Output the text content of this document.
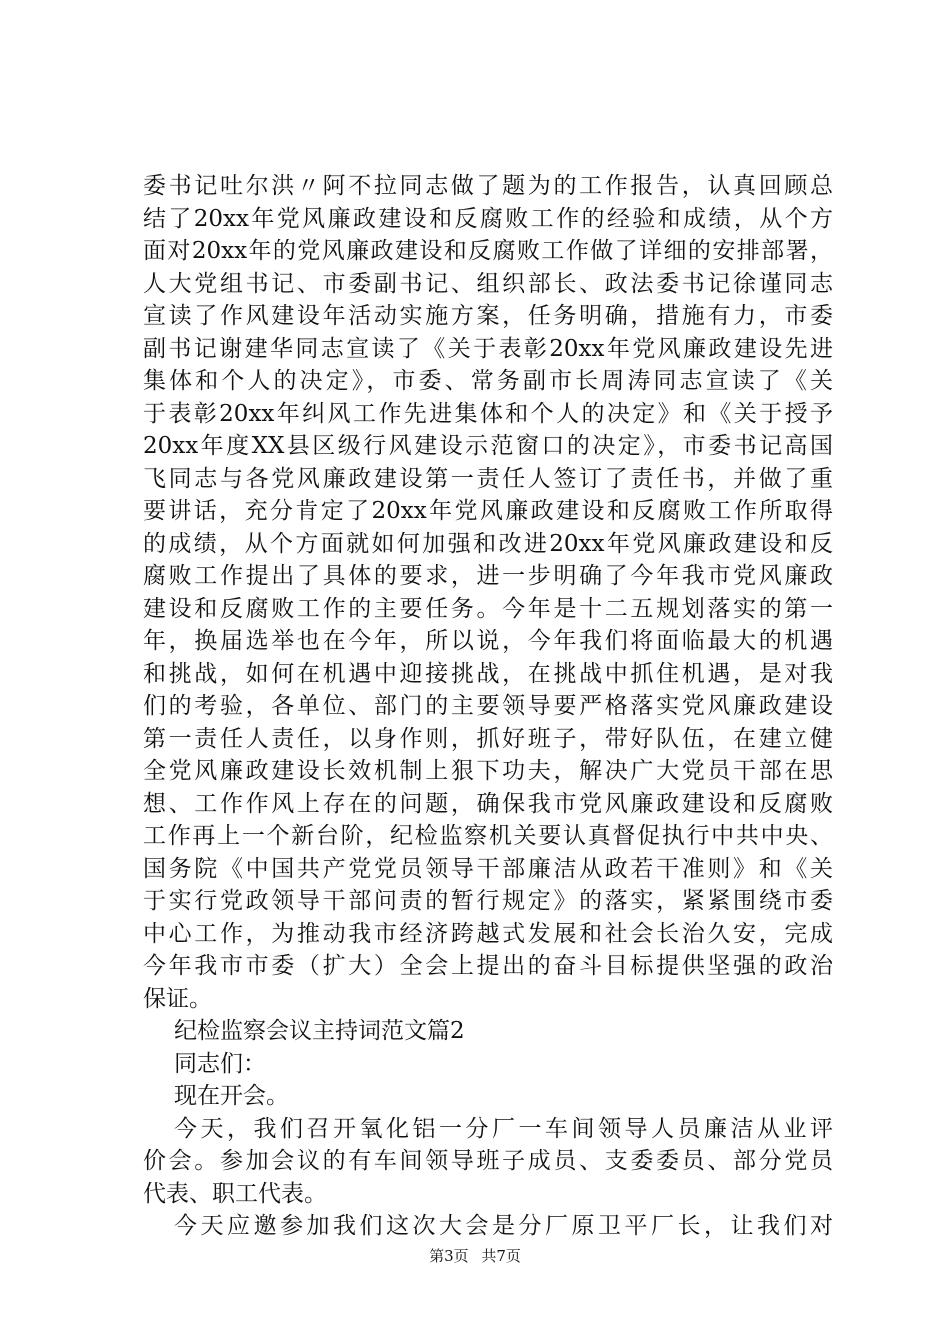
委书记吐尔洪〃阿不拉同志做了题为的工作报告，认真回顾总
结了20xx年党风廉政建设和反腐败工作的经验和成绩，从个方
面对20xx年的党风廉政建设和反腐败工作做了详细的安排部署，
人大党组书记、市委副书记、组织部长、政法委书记徐谨同志
宣读了作风建设年活动实施方案，任务明确，措施有力，市委
副书记谢建华同志宣读了《关于表彰20xx年党风廉政建设先进
集体和个人的决定》，市委、常务副市长周涛同志宣读了《关
于表彰20xx年纠风工作先进集体和个人的决定》和《关于授予
20xx年度XX县区级行风建设示范窗口的决定》，市委书记高国
飞同志与各党风廉政建设第一责任人签订了责任书，并做了重
要讲话，充分肯定了20xx年党风廉政建设和反腐败工作所取得
的成绩，从个方面就如何加强和改进20xx年党风廉政建设和反
腐败工作提出了具体的要求，进一步明确了今年我市党风廉政
建设和反腐败工作的主要任务。今年是十二五规划落实的第一
年，换届选举也在今年，所以说，今年我们将面临最大的机遇
和挑战，如何在机遇中迎接挑战，在挑战中抓住机遇，是对我
们的考验，各单位、部门的主要领导要严格落实党风廉政建设
第一责任人责任，以身作则，抓好班子，带好队伍，在建立健
全党风廉政建设长效机制上狠下功夫，解决广大党员干部在思
想、工作作风上存在的问题，确保我市党风廉政建设和反腐败
工作再上一个新台阶，纪检监察机关要认真督促执行中共中央、
国务院《中国共产党党员领导干部廉洁从政若干准则》和《关
于实行党政领导干部问责的暂行规定》的落实，紧紧围绕市委
中心工作，为推动我市经济跨越式发展和社会长治久安，完成
今年我市市委（扩大）全会上提出的奋斗目标提供坚强的政治
保证。
纪检监察会议主持词范文篇2
同志们：
现在开会。
今天，我们召开氧化铝一分厂一车间领导人员廉洁从业评
价会。参加会议的有车间领导班子成员、支委委员、部分党员
代表、职工代表。
今天应邀参加我们这次大会是分厂原卫平厂长，让我们对
第3页 共7页
